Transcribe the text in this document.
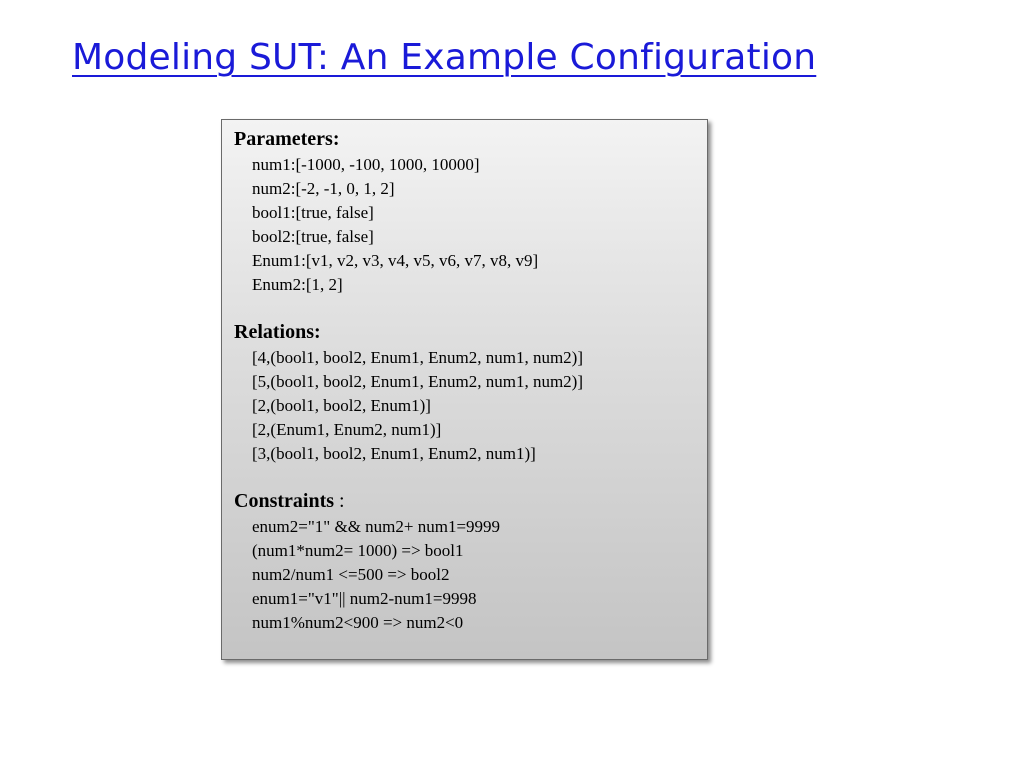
Modeling SUT: An Example Configuration
Parameters:
num1:[-1000, -100, 1000, 10000]
num2:[-2, -1, 0, 1, 2]
bool1:[true, false]
bool2:[true, false]
Enum1:[v1, v2, v3, v4, v5, v6, v7, v8, v9]
Enum2:[1, 2]
Relations:
[4,(bool1, bool2, Enum1, Enum2, num1, num2)]
[5,(bool1, bool2, Enum1, Enum2, num1, num2)]
[2,(bool1, bool2, Enum1)]
[2,(Enum1, Enum2, num1)]
[3,(bool1, bool2, Enum1, Enum2, num1)]
Constraints :
enum2="1" && num2+ num1=9999
(num1*num2= 1000) => bool1
num2/num1 <=500 => bool2
enum1="v1"|| num2-num1=9998
num1%num2<900 => num2<0
